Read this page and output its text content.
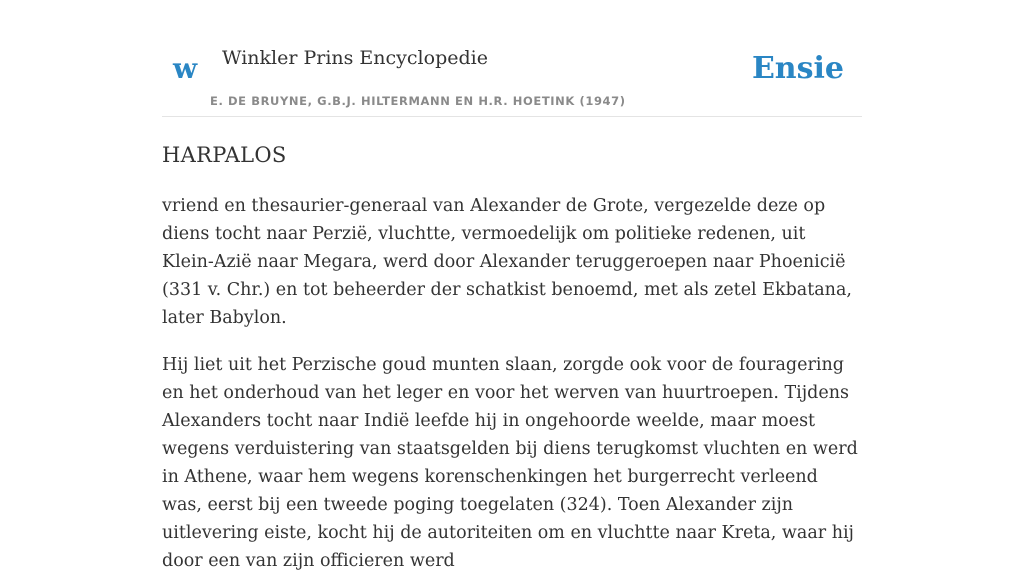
w Winkler Prins Encyclopedie
E. DE BRUYNE, G.B.J. HILTERMANN EN H.R. HOETINK (1947)
Ensie
HARPALOS

vriend en thesaurier-generaal van Alexander de Grote, vergezelde deze op diens tocht naar Perzië, vluchtte, vermoedelijk om politieke redenen, uit Klein-Azië naar Megara, werd door Alexander teruggeroepen naar Phoenicië (331 v. Chr.) en tot beheerder der schatkist benoemd, met als zetel Ekbatana, later Babylon.

Hij liet uit het Perzische goud munten slaan, zorgde ook voor de fouragering en het onderhoud van het leger en voor het werven van huurtroepen. Tijdens Alexanders tocht naar Indië leefde hij in ongehoorde weelde, maar moest wegens verduistering van staatsgelden bij diens terugkomst vluchten en werd in Athene, waar hem wegens korenschenkingen het burgerrecht verleend was, eerst bij een tweede poging toegelaten (324). Toen Alexander zijn uitlevering eiste, kocht hij de autoriteiten om en vluchtte naar Kreta, waar hij door een van zijn officieren werd
